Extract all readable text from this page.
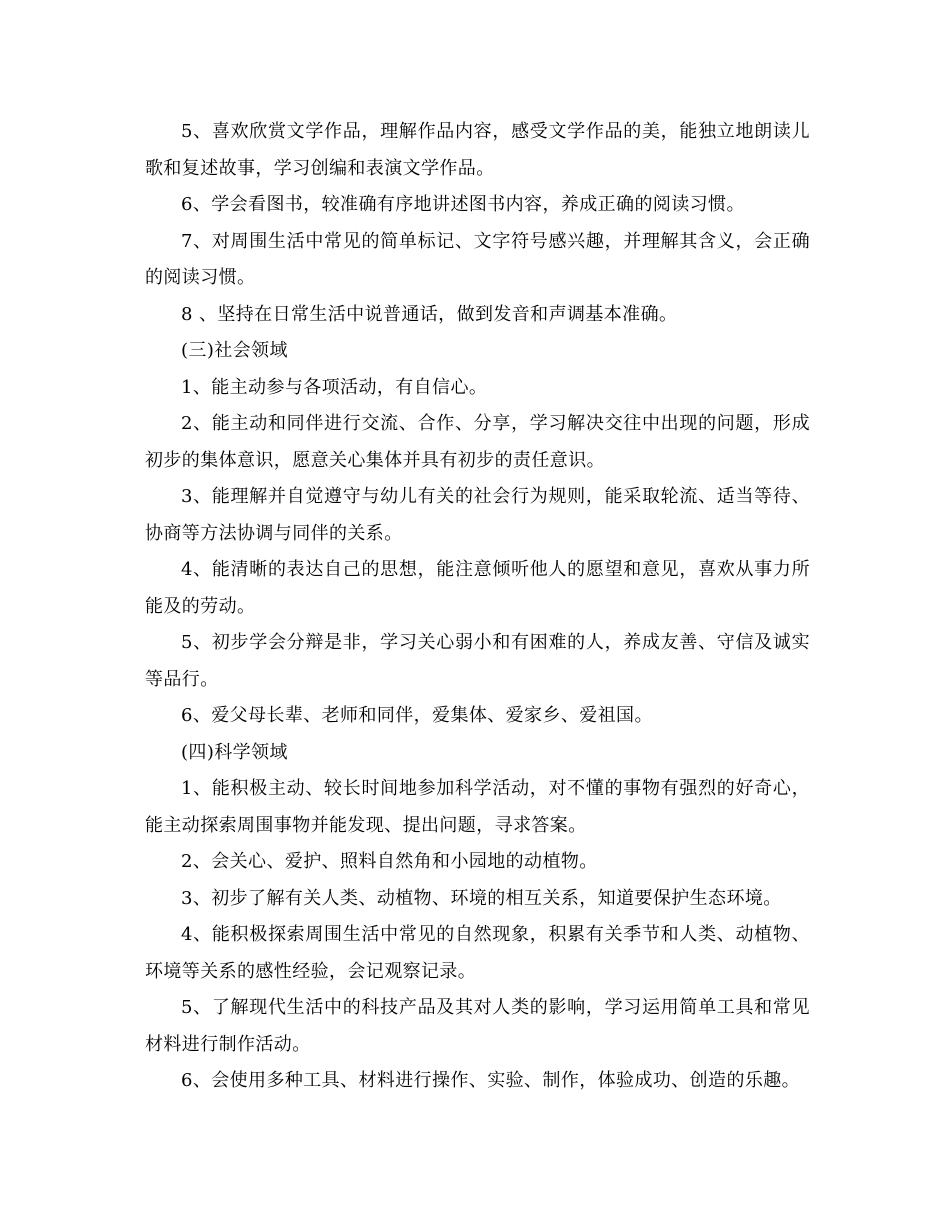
5、喜欢欣赏文学作品，理解作品内容，感受文学作品的美，能独立地朗读儿歌和复述故事，学习创编和表演文学作品。

6、学会看图书，较准确有序地讲述图书内容，养成正确的阅读习惯。

7、对周围生活中常见的简单标记、文字符号感兴趣，并理解其含义，会正确的阅读习惯。

8 、坚持在日常生活中说普通话，做到发音和声调基本准确。

(三)社会领域

1、能主动参与各项活动，有自信心。

2、能主动和同伴进行交流、合作、分享，学习解决交往中出现的问题，形成初步的集体意识，愿意关心集体并具有初步的责任意识。

3、能理解并自觉遵守与幼儿有关的社会行为规则，能采取轮流、适当等待、协商等方法协调与同伴的关系。

4、能清晰的表达自己的思想，能注意倾听他人的愿望和意见，喜欢从事力所能及的劳动。

5、初步学会分辩是非，学习关心弱小和有困难的人，养成友善、守信及诚实等品行。

6、爱父母长辈、老师和同伴，爱集体、爱家乡、爱祖国。

(四)科学领域

1、能积极主动、较长时间地参加科学活动，对不懂的事物有强烈的好奇心，能主动探索周围事物并能发现、提出问题，寻求答案。

2、会关心、爱护、照料自然角和小园地的动植物。

3、初步了解有关人类、动植物、环境的相互关系，知道要保护生态环境。

4、能积极探索周围生活中常见的自然现象，积累有关季节和人类、动植物、环境等关系的感性经验，会记观察记录。

5、了解现代生活中的科技产品及其对人类的影响，学习运用简单工具和常见材料进行制作活动。

6、会使用多种工具、材料进行操作、实验、制作，体验成功、创造的乐趣。
